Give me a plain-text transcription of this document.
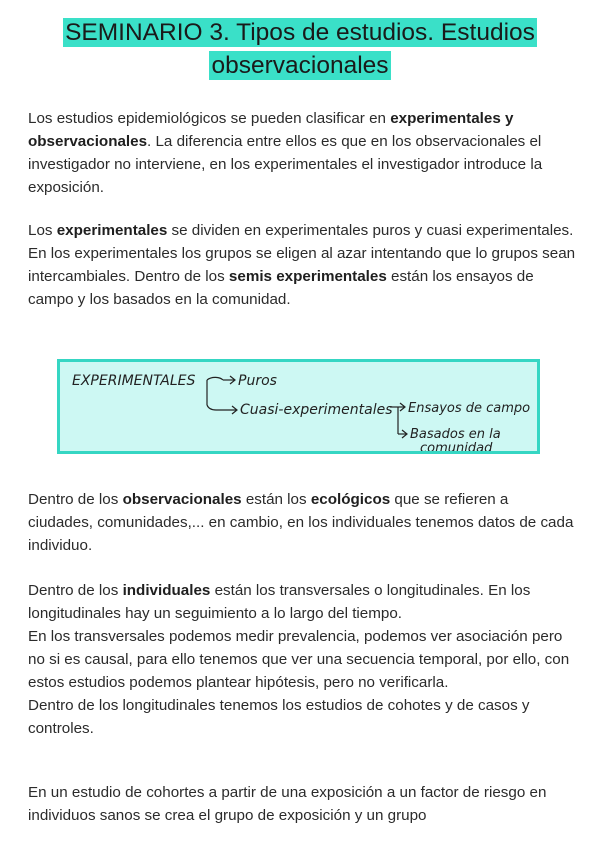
SEMINARIO 3. Tipos de estudios. Estudios
observacionales

Los estudios epidemiológicos se pueden clasificar en experimentales y observacionales. La diferencia entre ellos es que en los observacionales el investigador no interviene, en los experimentales el investigador introduce la exposición.

Los experimentales se dividen en experimentales puros y cuasi experimentales. En los experimentales los grupos se eligen al azar intentando que lo grupos sean intercambiales. Dentro de los semis experimentales están los ensayos de campo y los basados en la comunidad.

EXPERIMENTALES	Puros
Cuasi-experimentales Ensayos de campo
Basados en la
comunidad

Dentro de los observacionales están los ecológicos que se refieren a ciudades, comunidades,... en cambio, en los individuales tenemos datos de cada individuo.

Dentro de los individuales están los transversales o longitudinales. En los longitudinales hay un seguimiento a lo largo del tiempo.
En los transversales podemos medir prevalencia, podemos ver asociación pero no si es causal, para ello tenemos que ver una secuencia temporal, por ello, con estos estudios podemos plantear hipótesis, pero no verificarla.
Dentro de los longitudinales tenemos los estudios de cohotes y de casos y controles.

En un estudio de cohortes a partir de una exposición a un factor de riesgo en individuos sanos se crea el grupo de exposición y un grupo
